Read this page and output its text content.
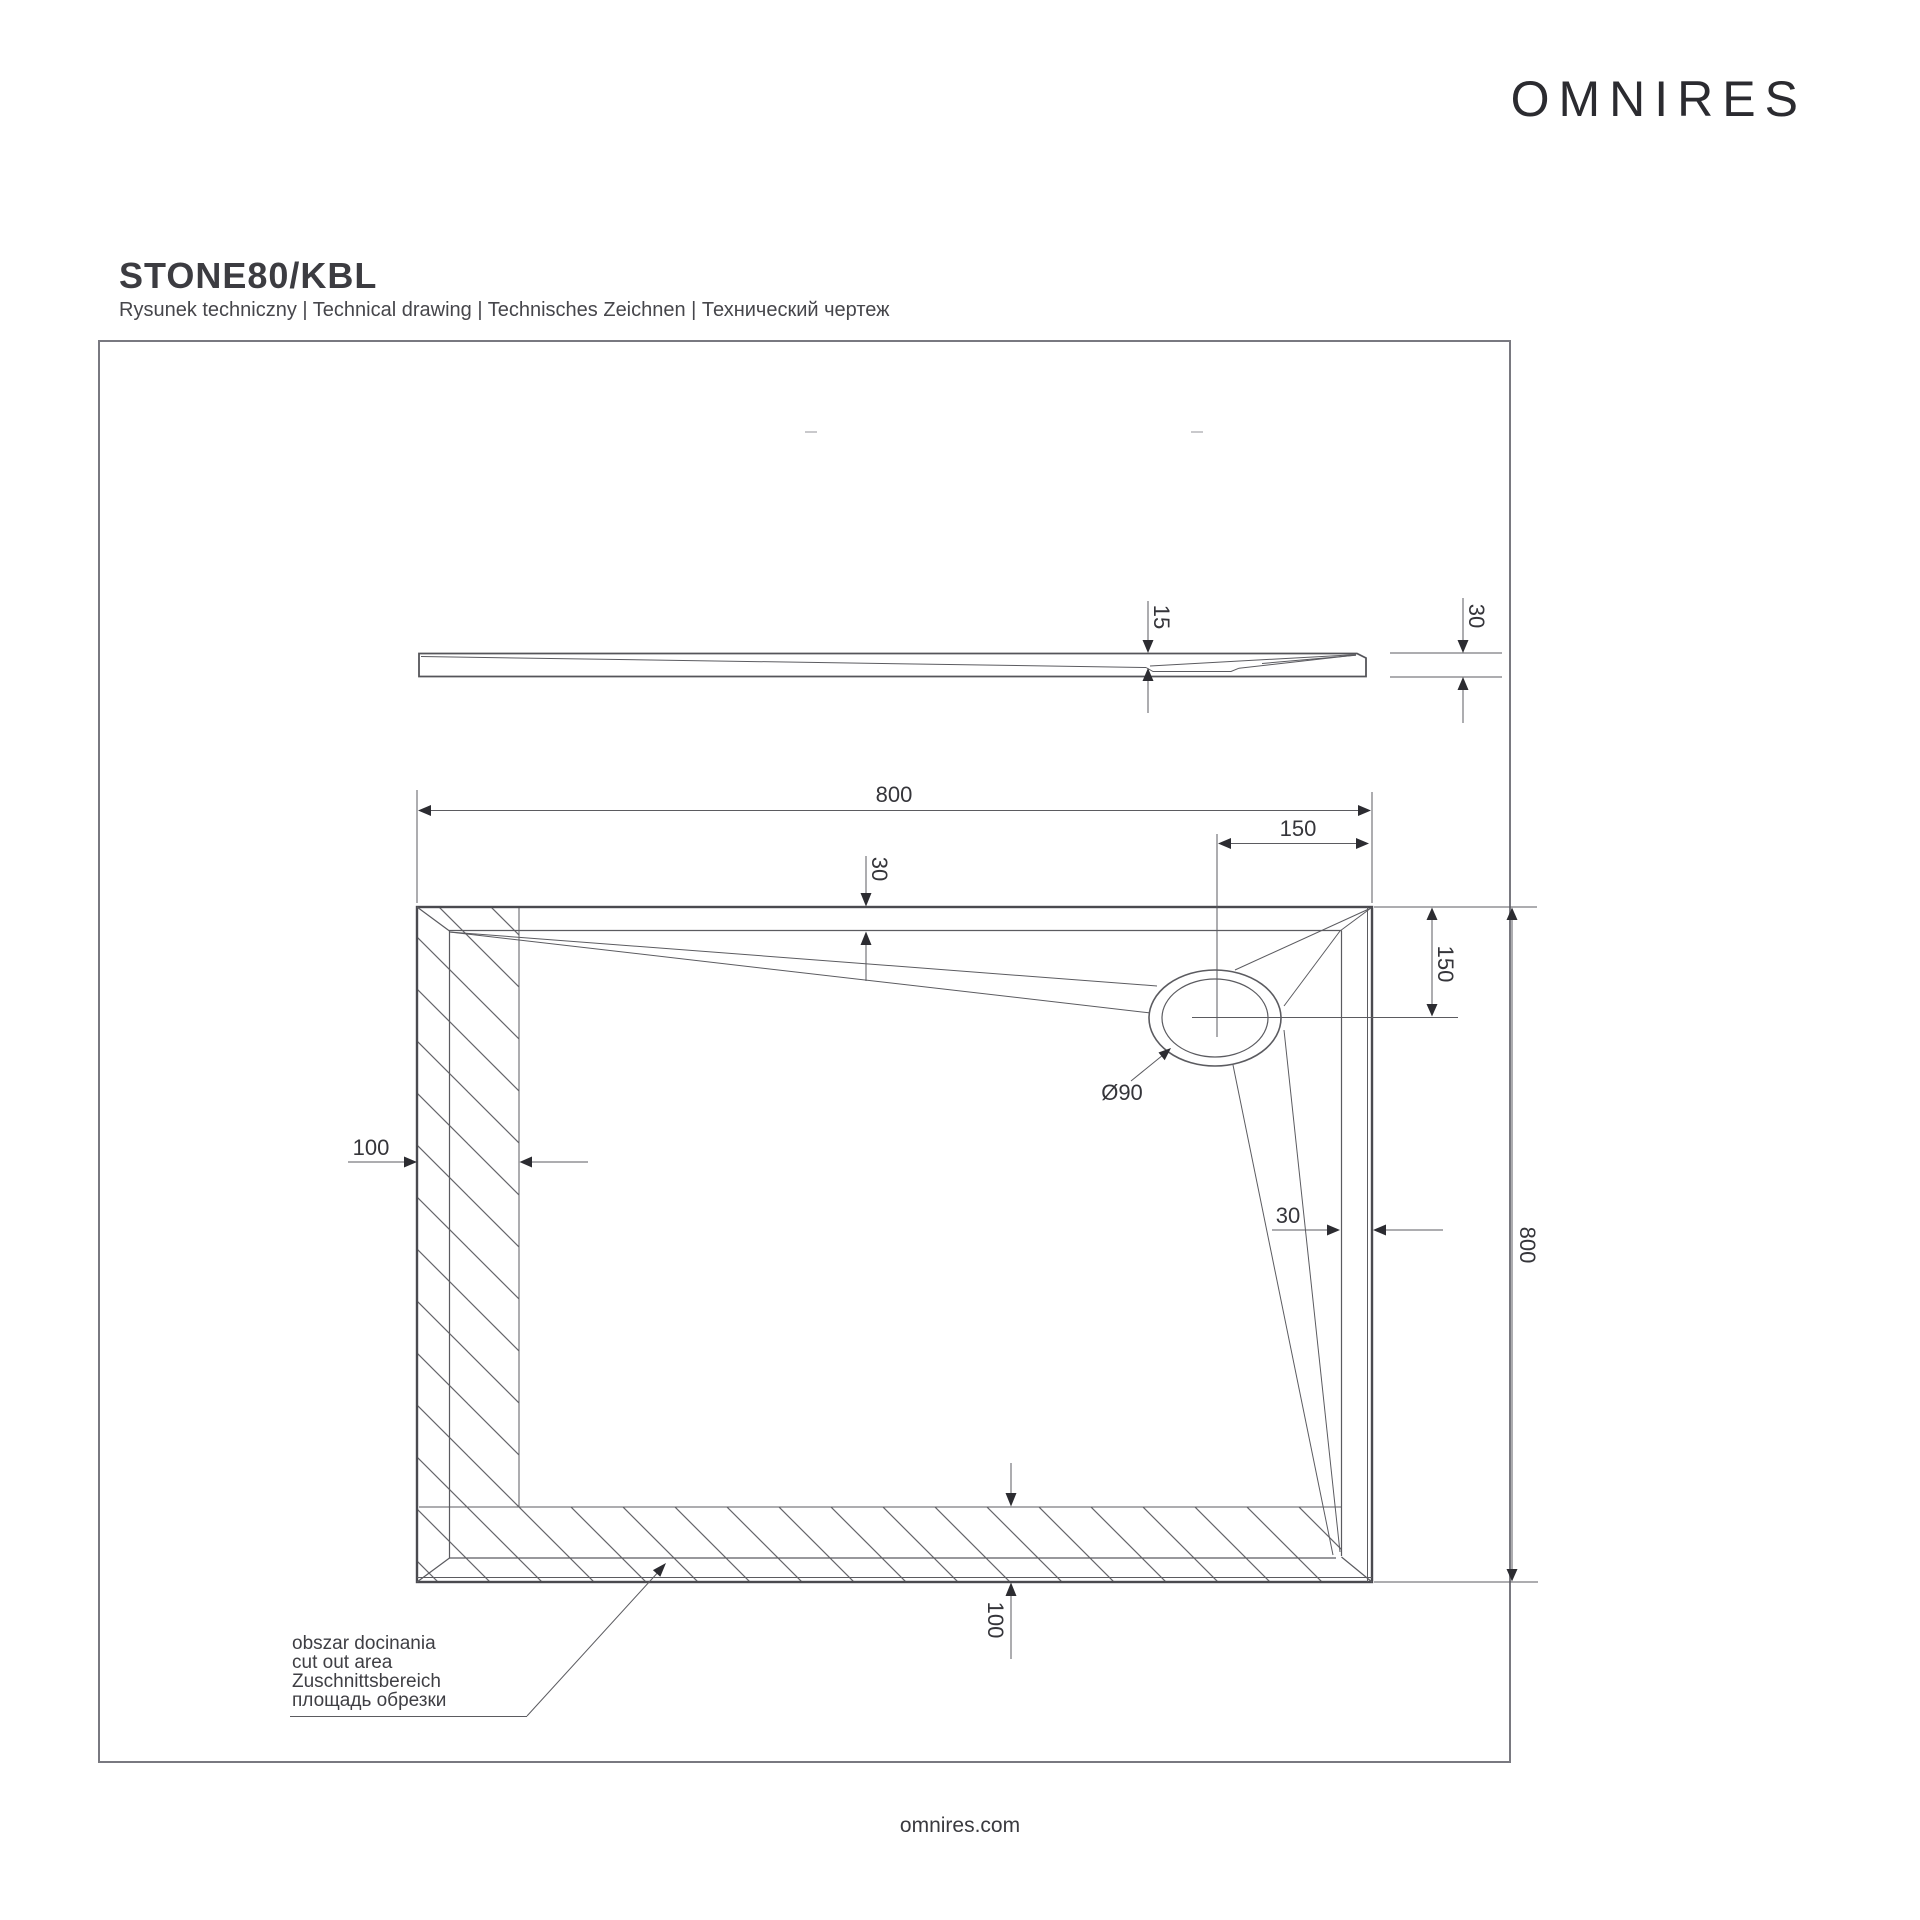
OMNIRES
STONE80/KBL
Rysunek techniczny | Technical drawing | Technisches Zeichnen | Технический чертеж
15	30
800
150
30
100
Ø90
150
30
800
100
obszar docinania
cut out area
Zuschnittsbereich
площадь обрезки
omnires.com
